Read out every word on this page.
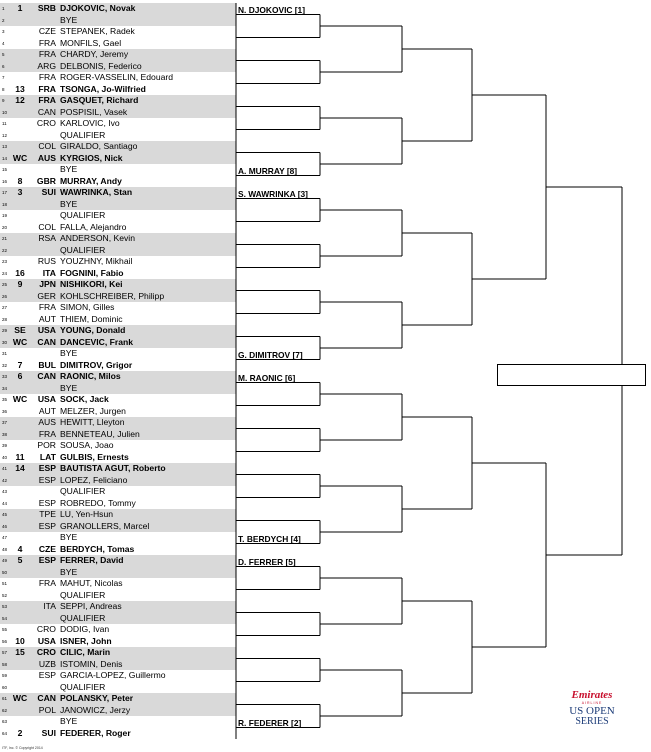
1	1	SRB DJOKOVIC, Novak
2	BYE
3	CZE STEPANEK, Radek
4	FRA MONFILS, Gael
5	FRA CHARDY, Jeremy
6	ARG DELBONIS, Federico
7	FRA ROGER-VASSELIN, Edouard
8	13	FRA TSONGA, Jo-Wilfried
9	12	FRA GASQUET, Richard
10	CAN POSPISIL, Vasek
11	CRO KARLOVIC, Ivo
12	QUALIFIER
13	COL GIRALDO, Santiago
14 WC	AUS KYRGIOS, Nick
15	BYE
16	8	GBR MURRAY, Andy
17	3	SUI WAWRINKA, Stan
18	BYE
19	QUALIFIER
20	COL FALLA, Alejandro
21	RSA ANDERSON, Kevin
22	QUALIFIER
23	RUS YOUZHNY, Mikhail
24 16	ITA FOGNINI, Fabio
25	9	JPN NISHIKORI, Kei
26	GER KOHLSCHREIBER, Philipp
27	FRA SIMON, Gilles
28	AUT THIEM, Dominic
29 SE	USA YOUNG, Donald
30 WC	CAN DANCEVIC, Frank
31	BYE
32	7	BUL DIMITROV, Grigor
33	6	CAN RAONIC, Milos
34	BYE
35 WC	USA SOCK, Jack
36	AUT MELZER, Jurgen
37	AUS HEWITT, Lleyton
38	FRA BENNETEAU, Julien
39	POR SOUSA, Joao
40 11	LAT GULBIS, Ernests
41 14	ESP BAUTISTA AGUT, Roberto
42	ESP LOPEZ, Feliciano
43	QUALIFIER
44	ESP ROBREDO, Tommy
45	TPE LU, Yen-Hsun
46	ESP GRANOLLERS, Marcel
47	BYE
48	4	CZE BERDYCH, Tomas
49	5	ESP FERRER, David
50	BYE
51	FRA MAHUT, Nicolas
52	QUALIFIER
53	ITA SEPPI, Andreas
54	QUALIFIER
55	CRO DODIG, Ivan
56 10	USA ISNER, John
57 15	CRO CILIC, Marin
58	UZB ISTOMIN, Denis
59	ESP GARCIA-LOPEZ, Guillermo
60	QUALIFIER
61 WC	CAN POLANSKY, Peter
62	POL JANOWICZ, Jerzy
63	BYE
64	2	SUI FEDERER, Roger
N. DJOKOVIC [1]
A. MURRAY [8]
S. WAWRINKA [3]
G. DIMITROV [7]
M. RAONIC [6]
T. BERDYCH [4]
D. FERRER [5]
R. FEDERER [2]
Emirates
AIRLINE
US OPEN
SERIES
ITF, Inc. © Copyright 2014
